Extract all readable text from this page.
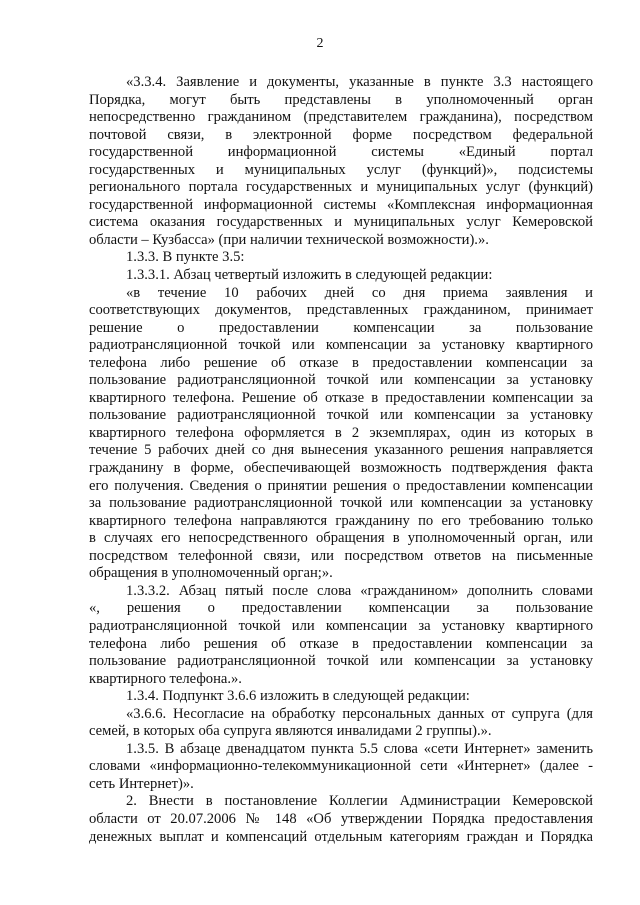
2
«3.3.4. Заявление и документы, указанные в пункте 3.3 настоящего
Порядка, могут быть представлены в уполномоченный орган
непосредственно гражданином (представителем гражданина), посредством
почтовой связи, в электронной форме посредством федеральной
государственной информационной системы «Единый портал
государственных и муниципальных услуг (функций)», подсистемы
регионального портала государственных и муниципальных услуг (функций)
государственной информационной системы «Комплексная информационная
система оказания государственных и муниципальных услуг Кемеровской
области – Кузбасса» (при наличии технической возможности).».
1.3.3. В пункте 3.5:
1.3.3.1. Абзац четвертый изложить в следующей редакции:
«в течение 10 рабочих дней со дня приема заявления и
соответствующих документов, представленных гражданином, принимает
решение о предоставлении компенсации за пользование
радиотрансляционной точкой или компенсации за установку квартирного
телефона либо решение об отказе в предоставлении компенсации за
пользование радиотрансляционной точкой или компенсации за установку
квартирного телефона. Решение об отказе в предоставлении компенсации за
пользование радиотрансляционной точкой или компенсации за установку
квартирного телефона оформляется в 2 экземплярах, один из которых в
течение 5 рабочих дней со дня вынесения указанного решения направляется
гражданину в форме, обеспечивающей возможность подтверждения факта
его получения. Сведения о принятии решения о предоставлении компенсации
за пользование радиотрансляционной точкой или компенсации за установку
квартирного телефона направляются гражданину по его требованию только
в случаях его непосредственного обращения в уполномоченный орган, или
посредством телефонной связи, или посредством ответов на письменные
обращения в уполномоченный орган;».
1.3.3.2. Абзац пятый после слова «гражданином» дополнить словами
«, решения о предоставлении компенсации за пользование
радиотрансляционной точкой или компенсации за установку квартирного
телефона либо решения об отказе в предоставлении компенсации за
пользование радиотрансляционной точкой или компенсации за установку
квартирного телефона.».
1.3.4. Подпункт 3.6.6 изложить в следующей редакции:
«3.6.6. Несогласие на обработку персональных данных от супруга (для
семей, в которых оба супруга являются инвалидами 2 группы).».
1.3.5. В абзаце двенадцатом пункта 5.5 слова «сети Интернет» заменить
словами «информационно-телекоммуникационной сети «Интернет» (далее -
сеть Интернет)».
2. Внести в постановление Коллегии Администрации Кемеровской
области от 20.07.2006 № 148 «Об утверждении Порядка предоставления
денежных выплат и компенсаций отдельным категориям граждан и Порядка
